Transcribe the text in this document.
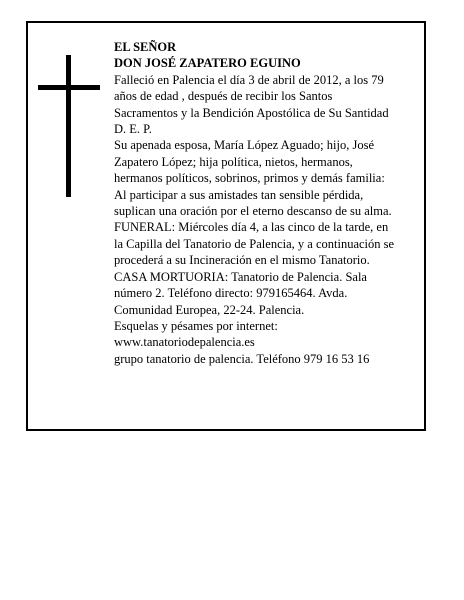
EL SEÑOR
DON JOSÉ ZAPATERO EGUINO
Falleció en Palencia el día 3 de abril de 2012, a los 79
años de edad , después de recibir los Santos
Sacramentos y la Bendición Apostólica de Su Santidad
D. E. P.
Su apenada esposa, María López Aguado; hijo, José
Zapatero López; hija política, nietos, hermanos,
hermanos políticos, sobrinos, primos y demás familia:
Al participar a sus amistades tan sensible pérdida,
suplican una oración por el eterno descanso de su alma.
FUNERAL: Miércoles día 4, a las cinco de la tarde, en
la Capilla del Tanatorio de Palencia, y a continuación se
procederá a su Incineración en el mismo Tanatorio.
CASA MORTUORIA: Tanatorio de Palencia. Sala
número 2. Teléfono directo: 979165464. Avda.
Comunidad Europea, 22-24. Palencia.
Esquelas y pésames por internet:
www.tanatoriodepalencia.es
grupo tanatorio de palencia. Teléfono 979 16 53 16
